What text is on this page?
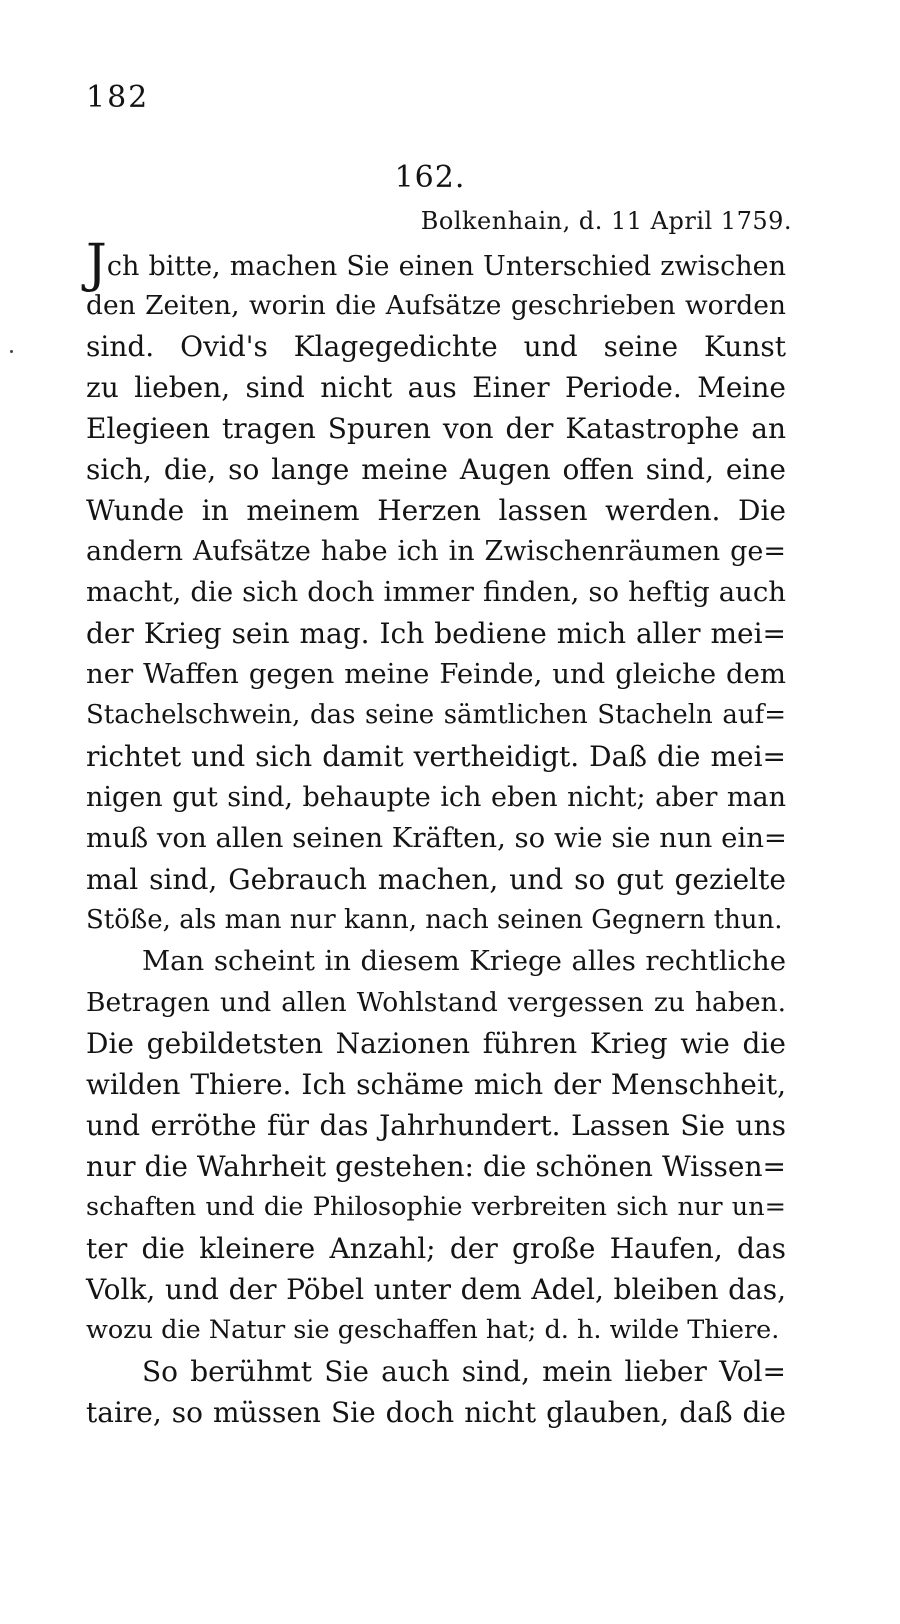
182
162.
Bolkenhain, d. 11 April 1759.
Jch bitte, machen Sie einen Unterschied zwischen
den Zeiten, worin die Aufsätze geschrieben worden
sind. Ovid's Klagegedichte und seine Kunst
zu lieben, sind nicht aus Einer Periode. Meine
Elegieen tragen Spuren von der Katastrophe an
sich, die, so lange meine Augen offen sind, eine
Wunde in meinem Herzen lassen werden. Die
andern Aufsätze habe ich in Zwischenräumen ge=
macht, die sich doch immer finden, so heftig auch
der Krieg sein mag. Ich bediene mich aller mei=
ner Waffen gegen meine Feinde, und gleiche dem
Stachelschwein, das seine sämtlichen Stacheln auf=
richtet und sich damit vertheidigt. Daß die mei=
nigen gut sind, behaupte ich eben nicht; aber man
muß von allen seinen Kräften, so wie sie nun ein=
mal sind, Gebrauch machen, und so gut gezielte
Stöße, als man nur kann, nach seinen Gegnern thun.
Man scheint in diesem Kriege alles rechtliche
Betragen und allen Wohlstand vergessen zu haben.
Die gebildetsten Nazionen führen Krieg wie die
wilden Thiere. Ich schäme mich der Menschheit,
und erröthe für das Jahrhundert. Lassen Sie uns
nur die Wahrheit gestehen: die schönen Wissen=
schaften und die Philosophie verbreiten sich nur un=
ter die kleinere Anzahl; der große Haufen, das
Volk, und der Pöbel unter dem Adel, bleiben das,
wozu die Natur sie geschaffen hat; d. h. wilde Thiere.
So berühmt Sie auch sind, mein lieber Vol=
taire, so müssen Sie doch nicht glauben, daß die
